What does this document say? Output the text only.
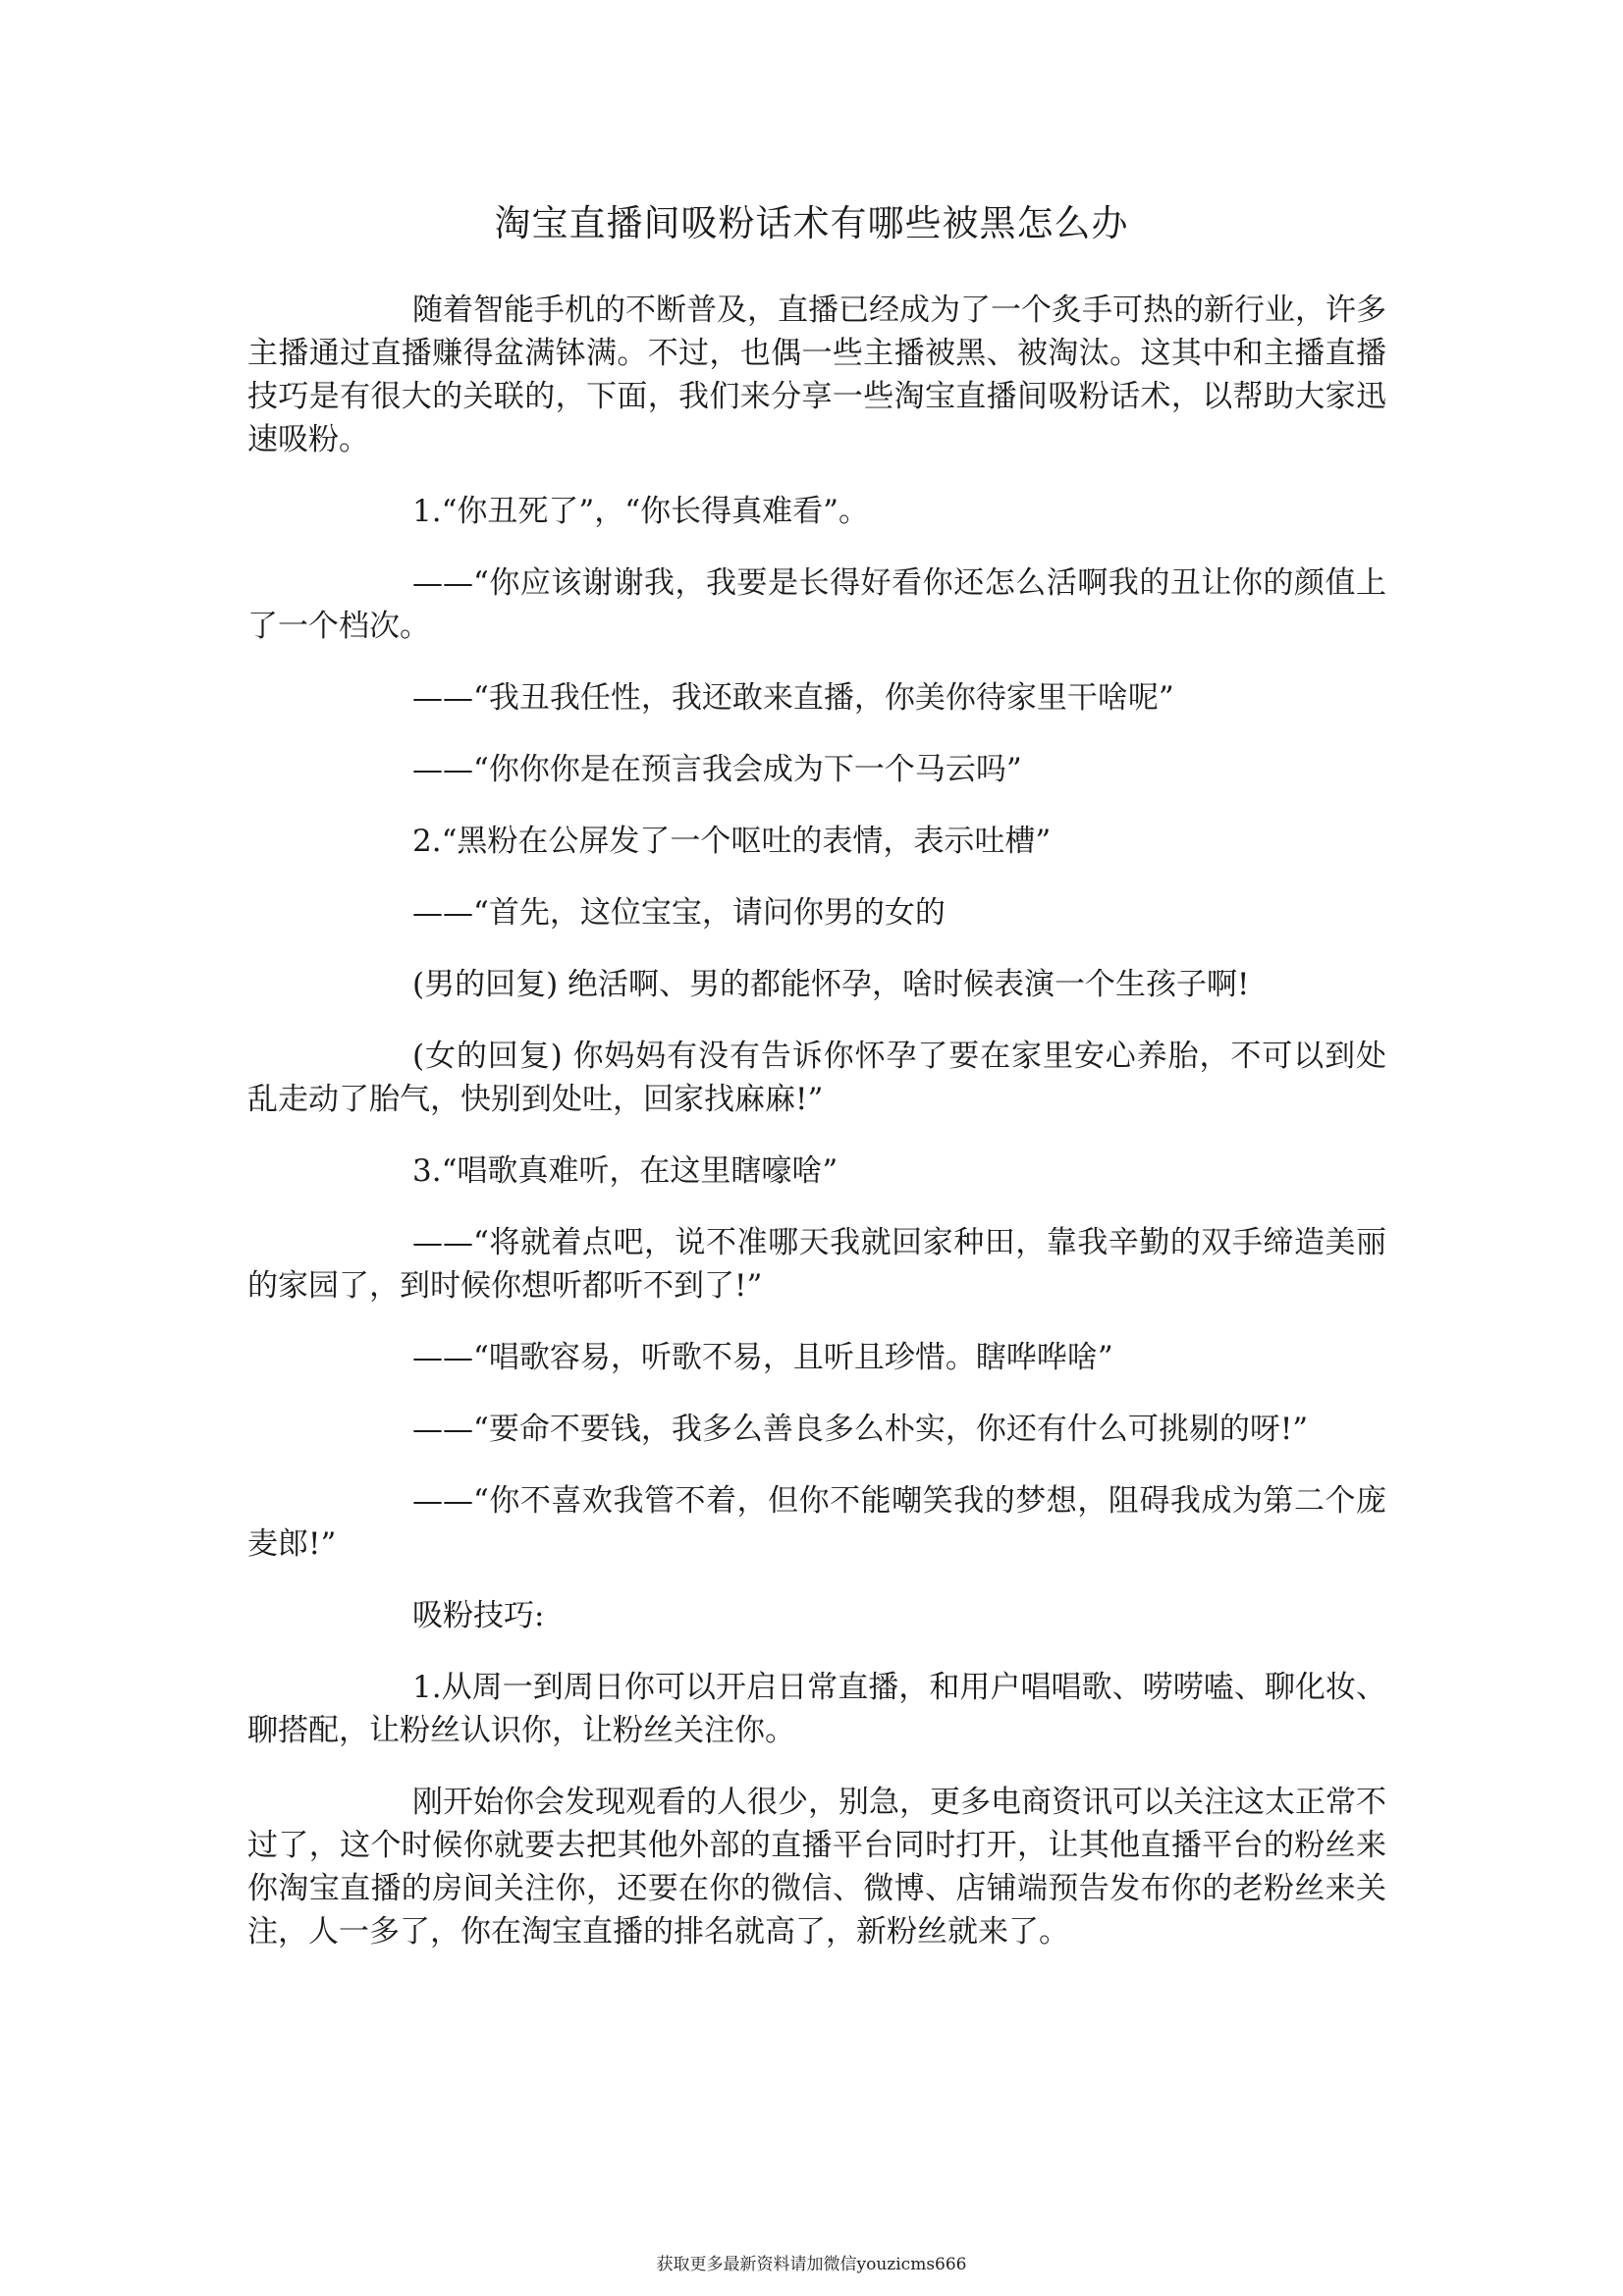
淘宝直播间吸粉话术有哪些被黑怎么办

随着智能手机的不断普及，直播已经成为了一个炙手可热的新行业，许多主播通过直播赚得盆满钵满。不过，也偶一些主播被黑、被淘汰。这其中和主播直播技巧是有很大的关联的，下面，我们来分享一些淘宝直播间吸粉话术，以帮助大家迅速吸粉。

1.“你丑死了”，“你长得真难看”。

——“你应该谢谢我，我要是长得好看你还怎么活啊我的丑让你的颜值上了一个档次。

——“我丑我任性，我还敢来直播，你美你待家里干啥呢”

——“你你你是在预言我会成为下一个马云吗”

2.“黑粉在公屏发了一个呕吐的表情，表示吐槽”

——“首先，这位宝宝，请问你男的女的

(男的回复) 绝活啊、男的都能怀孕，啥时候表演一个生孩子啊!

(女的回复) 你妈妈有没有告诉你怀孕了要在家里安心养胎，不可以到处乱走动了胎气，快别到处吐，回家找麻麻!”

3.“唱歌真难听，在这里瞎嚎啥”

——“将就着点吧，说不准哪天我就回家种田，靠我辛勤的双手缔造美丽的家园了，到时候你想听都听不到了!”

——“唱歌容易，听歌不易，且听且珍惜。瞎哗哗啥”

——“要命不要钱，我多么善良多么朴实，你还有什么可挑剔的呀!”

——“你不喜欢我管不着，但你不能嘲笑我的梦想，阻碍我成为第二个庞麦郎!”

吸粉技巧:

1.从周一到周日你可以开启日常直播，和用户唱唱歌、唠唠嗑、聊化妆、聊搭配，让粉丝认识你，让粉丝关注你。

刚开始你会发现观看的人很少，别急，更多电商资讯可以关注这太正常不过了，这个时候你就要去把其他外部的直播平台同时打开，让其他直播平台的粉丝来你淘宝直播的房间关注你，还要在你的微信、微博、店铺端预告发布你的老粉丝来关注，人一多了，你在淘宝直播的排名就高了，新粉丝就来了。

获取更多最新资料请加微信youzicms666
